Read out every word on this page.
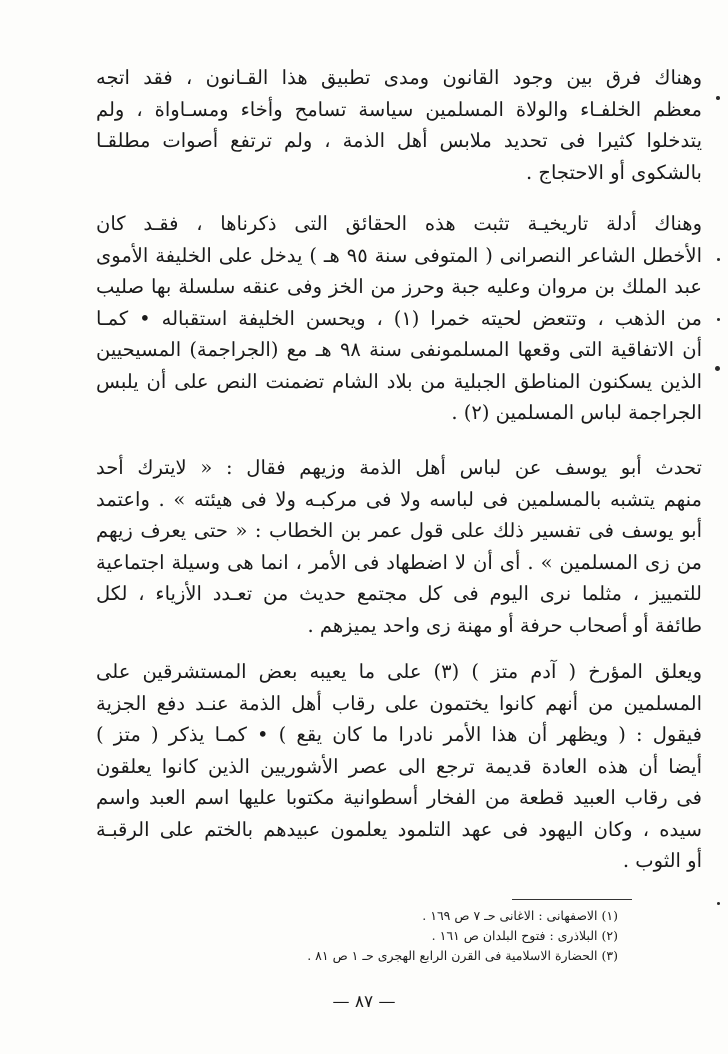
وهناك فرق بين وجود القانون ومدى تطبيق هذا القـانون ، فقد اتجه
معظم الخلفـاء والولاة المسلمين سياسة تسامح وأخاء ومسـاواة ، ولم
يتدخلوا كثيرا فى تحديد ملابس أهل الذمة ، ولم ترتفع أصوات مطلقـا
بالشكوى أو الاحتجاج .
وهناك أدلة تاريخيـة تثبت هذه الحقائق التى ذكرناها ، فقـد كان
الأخطل الشاعر النصرانى ( المتوفى سنة ٩٥ هـ ) يدخل على الخليفة الأموى
عبد الملك بن مروان وعليه جبة وحرز من الخز وفى عنقه سلسلة بها صليب
من الذهب ، وتتعض لحيته خمرا (١) ، ويحسن الخليفة استقباله • كمـا
أن الاتفاقية التى وقعها المسلمونفى سنة ٩٨ هـ مع (الجراجمة) المسيحيين
الذين يسكنون المناطق الجبلية من بلاد الشام تضمنت النص على أن يلبس
الجراجمة لباس المسلمين (٢) .
تحدث أبو يوسف عن لباس أهل الذمة وزيهم فقال : « لايترك أحد
منهم يتشبه بالمسلمين فى لباسه ولا فى مركبـه ولا فى هيئته » . واعتمد
أبو يوسف فى تفسير ذلك على قول عمر بن الخطاب : « حتى يعرف زيهم
من زى المسلمين » . أى أن لا اضطهاد فى الأمر ، انما هى وسيلة اجتماعية
للتمييز ، مثلما نرى اليوم فى كل مجتمع حديث من تعـدد الأزياء ، لكل
طائفة أو أصحاب حرفة أو مهنة زى واحد يميزهم .
ويعلق المؤرخ ( آدم متز ) (٣) على ما يعيبه بعض المستشرقين على
المسلمين من أنهم كانوا يختمون على رقاب أهل الذمة عنـد دفع الجزية
فيقول : ( ويظهر أن هذا الأمر نادرا ما كان يقع ) • كمـا يذكر ( متز )
أيضا أن هذه العادة قديمة ترجع الى عصر الأشوريين الذين كانوا يعلقون
فى رقاب العبيد قطعة من الفخار أسطوانية مكتوبا عليها اسم العبد واسم
سيده ، وكان اليهود فى عهد التلمود يعلمون عبيدهم بالختم على الرقبـة
أو الثوب .
(١) الاصفهانى : الاغانى حـ ٧ ص ١٦٩ .
(٢) البلاذرى : فتوح البلدان ص ١٦١ .
(٣) الحضارة الاسلامية فى القرن الرابع الهجرى حـ ١ ص ٨١ .
— ٨٧ —
